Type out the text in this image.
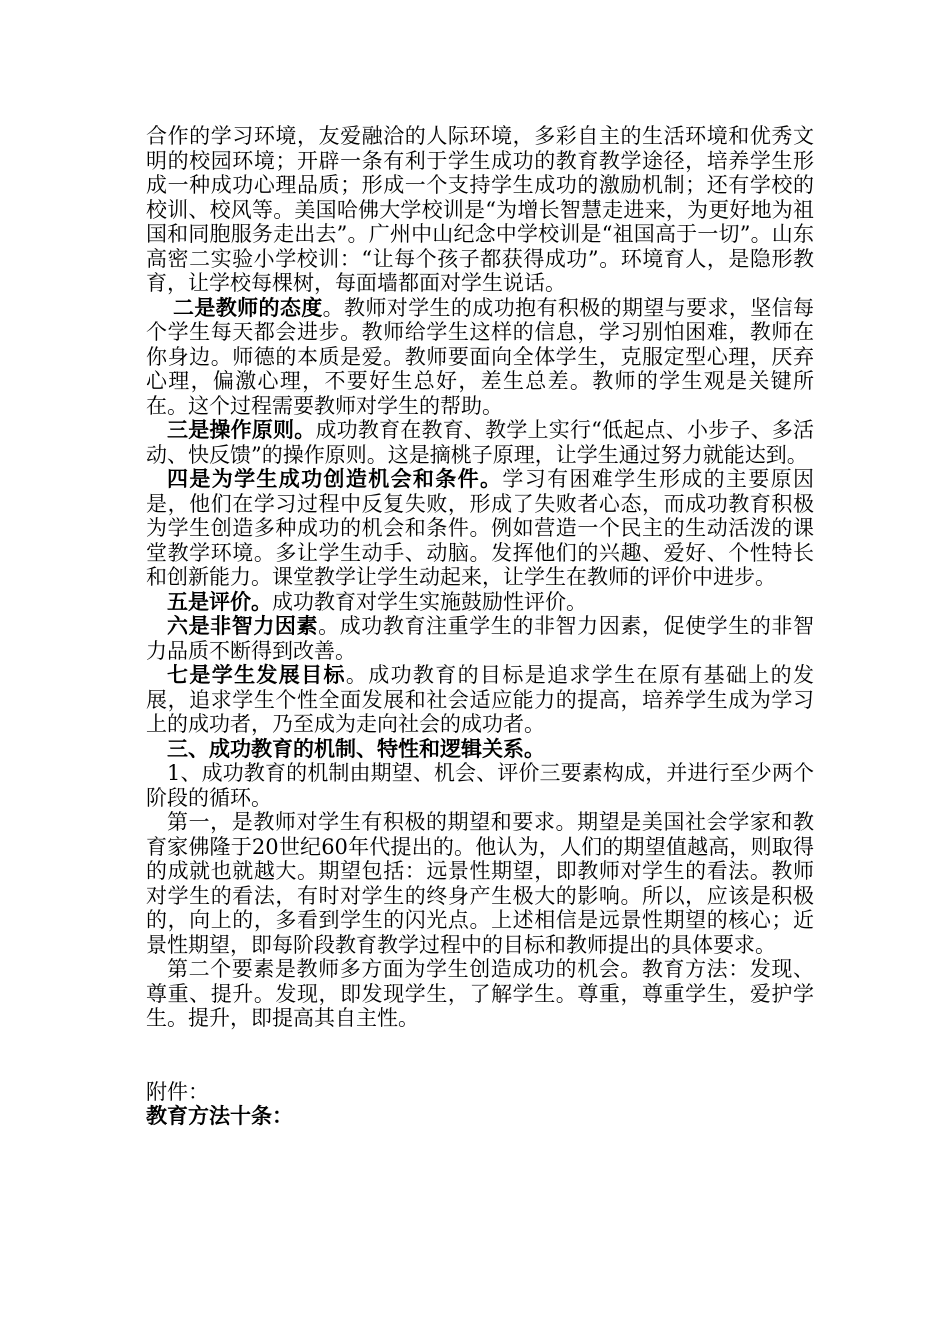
合作的学习环境，友爱融洽的人际环境，多彩自主的生活环境和优秀文明的校园环境；开辟一条有利于学生成功的教育教学途径，培养学生形成一种成功心理品质；形成一个支持学生成功的激励机制；还有学校的校训、校风等。美国哈佛大学校训是“为增长智慧走进来，为更好地为祖国和同胞服务走出去”。广州中山纪念中学校训是“祖国高于一切”。山东高密二实验小学校训：“让每个孩子都获得成功”。环境育人，是隐形教育，让学校每棵树，每面墙都面对学生说话。

二是教师的态度。教师对学生的成功抱有积极的期望与要求，坚信每个学生每天都会进步。教师给学生这样的信息，学习别怕困难，教师在你身边。师德的本质是爱。教师要面向全体学生，克服定型心理，厌弃心理，偏激心理，不要好生总好，差生总差。教师的学生观是关键所在。这个过程需要教师对学生的帮助。

三是操作原则。成功教育在教育、教学上实行“低起点、小步子、多活动、快反馈”的操作原则。这是摘桃子原理，让学生通过努力就能达到。

四是为学生成功创造机会和条件。学习有困难学生形成的主要原因是，他们在学习过程中反复失败，形成了失败者心态，而成功教育积极为学生创造多种成功的机会和条件。例如营造一个民主的生动活泼的课堂教学环境。多让学生动手、动脑。发挥他们的兴趣、爱好、个性特长和创新能力。课堂教学让学生动起来，让学生在教师的评价中进步。

五是评价。成功教育对学生实施鼓励性评价。

六是非智力因素。成功教育注重学生的非智力因素，促使学生的非智力品质不断得到改善。

七是学生发展目标。成功教育的目标是追求学生在原有基础上的发展，追求学生个性全面发展和社会适应能力的提高，培养学生成为学习上的成功者，乃至成为走向社会的成功者。

三、成功教育的机制、特性和逻辑关系。

1、成功教育的机制由期望、机会、评价三要素构成，并进行至少两个阶段的循环。

第一，是教师对学生有积极的期望和要求。期望是美国社会学家和教育家佛隆于20世纪60年代提出的。他认为，人们的期望值越高，则取得的成就也就越大。期望包括：远景性期望，即教师对学生的看法。教师对学生的看法，有时对学生的终身产生极大的影响。所以，应该是积极的，向上的，多看到学生的闪光点。上述相信是远景性期望的核心；近景性期望，即每阶段教育教学过程中的目标和教师提出的具体要求。

第二个要素是教师多方面为学生创造成功的机会。教育方法：发现、尊重、提升。发现，即发现学生，了解学生。尊重，尊重学生，爱护学生。提升，即提高其自主性。

附件：

教育方法十条：
